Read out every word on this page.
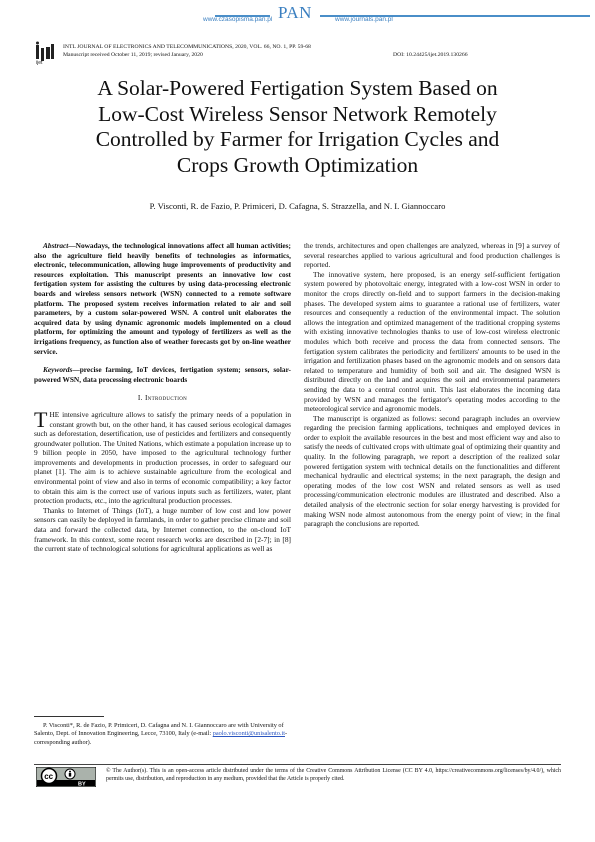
www.czasopisma.pan.pl PAN	www.journals.pan.pl
ijet
INTL JOURNAL OF ELECTRONICS AND TELECOMMUNICATIONS, 2020, VOL. 66, NO. 1, PP. 59-68
Manuscript received October 11, 2019; revised January, 2020	DOI: 10.24425/ijet.2019.130266
A Solar-Powered Fertigation System Based on
Low-Cost Wireless Sensor Network Remotely
Controlled by Farmer for Irrigation Cycles and
Crops Growth Optimization
P. Visconti, R. de Fazio, P. Primiceri, D. Cafagna, S. Strazzella, and N. I. Giannoccaro

Abstract—Nowadays, the technological innovations affect all human activities; also the agriculture field heavily benefits of technologies as informatics, electronic, telecommunication, allowing huge improvements of productivity and resources exploitation. This manuscript presents an innovative low cost fertigation system for assisting the cultures by using data-processing electronic boards and wireless sensors network (WSN) connected to a remote software platform. The proposed system receives information related to air and soil parameters, by a custom solar-powered WSN. A control unit elaborates the acquired data by using dynamic agronomic models implemented on a cloud platform, for optimizing the amount and typology of fertilizers as well as the irrigations frequency, as function also of weather forecasts got by on-line weather service.

Keywords—precise farming, IoT devices, fertigation system; sensors, solar-powered WSN, data processing electronic boards

I. Introduction

THE intensive agriculture allows to satisfy the primary needs of a population in constant growth but, on the other hand, it has caused serious ecological damages such as deforestation, desertification, use of pesticides and fertilizers and consequently groundwater pollution. The United Nations, which estimate a population increase up to 9 billion people in 2050, have imposed to the agricultural technology further improvements and developments in production processes, in order to safeguard our planet [1]. The aim is to achieve sustainable agriculture from the ecological and environmental point of view and also in terms of economic compatibility; a key factor to obtain this aim is the correct use of various inputs such as fertilizers, water, plant protection products, etc., into the agricultural production processes.

Thanks to Internet of Things (IoT), a huge number of low cost and low power sensors can easily be deployed in farmlands, in order to gather precise climate and soil data and forward the collected data, by Internet connection, to the on-cloud IoT framework. In this context, some recent research works are described in [2-7]; in [8] the current state of technological solutions for agricultural applications as well as

the trends, architectures and open challenges are analyzed, whereas in [9] a survey of several researches applied to various agricultural and food production challenges is reported.

The innovative system, here proposed, is an energy self-sufficient fertigation system powered by photovoltaic energy, integrated with a low-cost WSN in order to monitor the crops directly on-field and to support farmers in the decision-making phases. The developed system aims to guarantee a rational use of fertilizers, water resources and consequently a reduction of the environmental impact. The solution allows the integration and optimized management of the traditional cropping systems with existing innovative technologies thanks to use of low-cost wireless electronic modules which both receive and process the data from connected sensors. The fertigation system calibrates the periodicity and fertilizers' amounts to be used in the irrigation and fertilization phases based on the agronomic models and on sensors data related to temperature and humidity of both soil and air. The designed WSN is distributed directly on the land and acquires the soil and environmental parameters sending the data to a central control unit. This last elaborates the incoming data provided by WSN and manages the fertigator's operating modes according to the meteorological service and agronomic models.

The manuscript is organized as follows: second paragraph includes an overview regarding the precision farming applications, techniques and employed devices in order to exploit the available resources in the best and most efficient way and also to satisfy the needs of cultivated crops with ultimate goal of optimizing their quantity and quality. In the following paragraph, we report a description of the realized solar powered fertigation system with technical details on the functionalities and different mechanical hydraulic and electrical systems; in the next paragraph, the design and operating modes of the low cost WSN and related sensors as well as used processing/communication electronic modules are illustrated and described. Also a detailed analysis of the electronic section for solar energy harvesting is provided for making WSN node almost autonomous from the energy point of view; in the final paragraph the conclusions are reported.

P. Visconti*, R. de Fazio, P. Primiceri, D. Cafagna and N. I. Giannoccaro are with University of Salento, Dept. of Innovation Engineering, Lecce, 73100, Italy (e-mail: paolo.visconti@unisalento.it-corresponding author).
cc
BY
© The Author(s). This is an open-access article distributed under the terms of the Creative Commons Attribution License (CC BY 4.0, https://creativecommons.org/licenses/by/4.0/), which permits use, distribution, and reproduction in any medium, provided that the Article is properly cited.
